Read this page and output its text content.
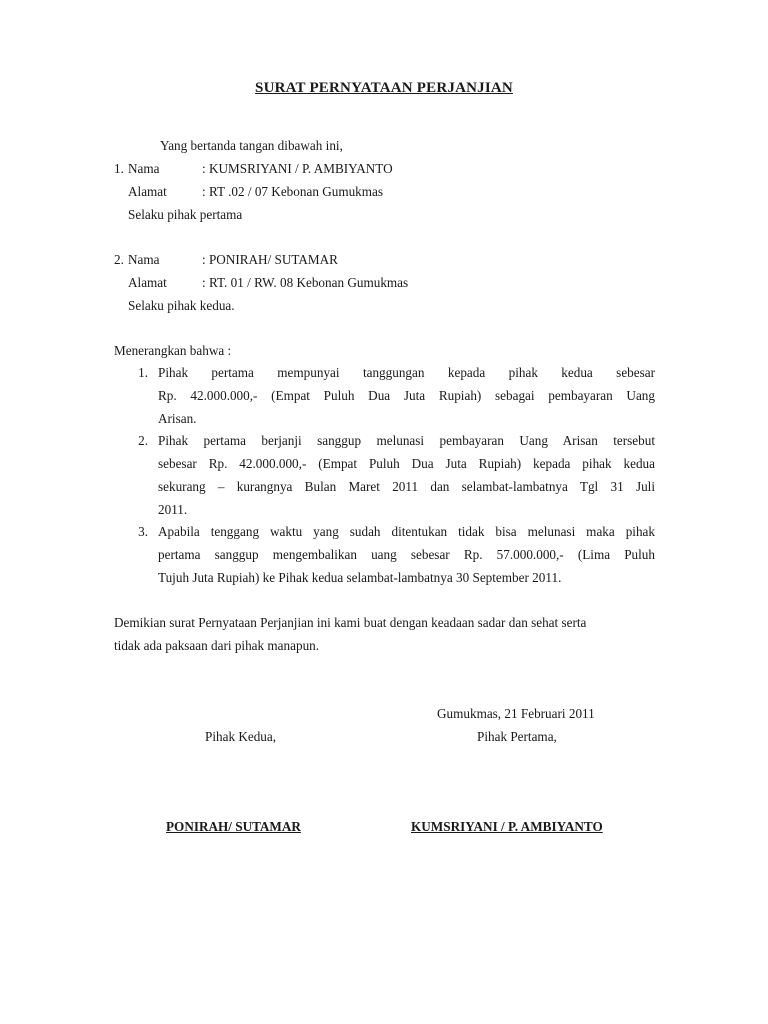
SURAT PERNYATAAN PERJANJIAN
Yang bertanda tangan dibawah ini,
1. Nama	: KUMSRIYANI / P. AMBIYANTO
Alamat	: RT .02 / 07 Kebonan Gumukmas
Selaku pihak pertama
2. Nama	: PONIRAH/ SUTAMAR
Alamat	: RT. 01 / RW. 08 Kebonan Gumukmas
Selaku pihak kedua.
Menerangkan bahwa :
1. Pihak pertama mempunyai tanggungan kepada pihak kedua sebesar
Rp. 42.000.000,- (Empat Puluh Dua Juta Rupiah) sebagai pembayaran Uang
Arisan.
2. Pihak pertama berjanji sanggup melunasi pembayaran Uang Arisan tersebut
sebesar Rp. 42.000.000,- (Empat Puluh Dua Juta Rupiah) kepada pihak kedua
sekurang – kurangnya Bulan Maret 2011 dan selambat-lambatnya Tgl 31 Juli
2011.
3. Apabila tenggang waktu yang sudah ditentukan tidak bisa melunasi maka pihak
pertama sanggup mengembalikan uang sebesar Rp. 57.000.000,- (Lima Puluh
Tujuh Juta Rupiah) ke Pihak kedua selambat-lambatnya 30 September 2011.
Demikian surat Pernyataan Perjanjian ini kami buat dengan keadaan sadar dan sehat serta
tidak ada paksaan dari pihak manapun.
Gumukmas, 21 Februari 2011
Pihak Kedua,	Pihak Pertama,
PONIRAH/ SUTAMAR	KUMSRIYANI / P. AMBIYANTO
